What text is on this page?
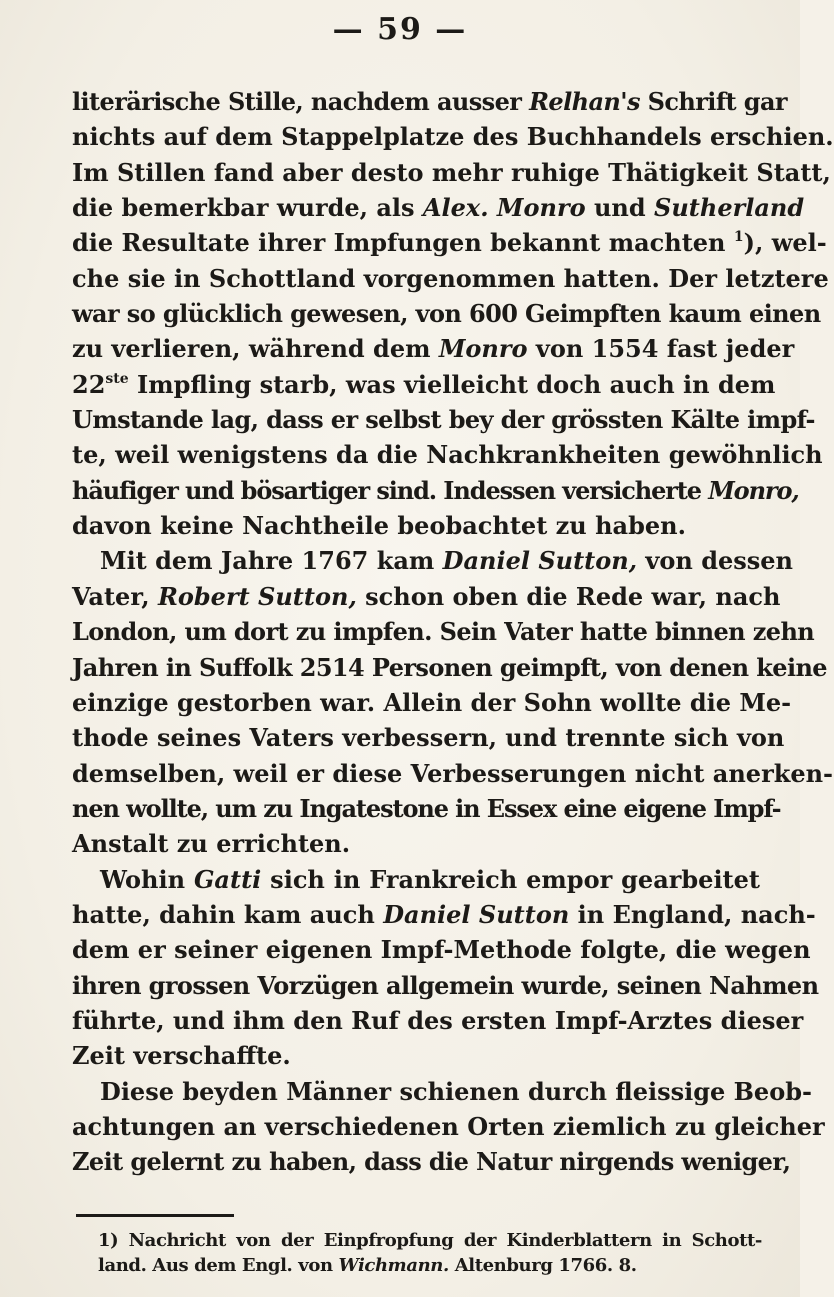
— 59 —
literärische Stille, nachdem ausser Relhan's Schrift gar
nichts auf dem Stappelplatze des Buchhandels erschien.
Im Stillen fand aber desto mehr ruhige Thätigkeit Statt,
die bemerkbar wurde, als Alex. Monro und Sutherland
die Resultate ihrer Impfungen bekannt machten $^1$), wel-
che sie in Schottland vorgenommen hatten. Der letztere
war so glücklich gewesen, von 600 Geimpften kaum einen
zu verlieren, während dem Monro von 1554 fast jeder
22ste Impfling starb, was vielleicht doch auch in dem
Umstande lag, dass er selbst bey der grössten Kälte impf-
te, weil wenigstens da die Nachkrankheiten gewöhnlich
häufiger und bösartiger sind. Indessen versicherte Monro,
davon keine Nachtheile beobachtet zu haben.
Mit dem Jahre 1767 kam Daniel Sutton, von dessen
Vater, Robert Sutton, schon oben die Rede war, nach
London, um dort zu impfen. Sein Vater hatte binnen zehn
Jahren in Suffolk 2514 Personen geimpft, von denen keine
einzige gestorben war. Allein der Sohn wollte die Me-
thode seines Vaters verbessern, und trennte sich von
demselben, weil er diese Verbesserungen nicht anerken-
nen wollte, um zu Ingatestone in Essex eine eigene Impf-
Anstalt zu errichten.
Wohin Gatti sich in Frankreich empor gearbeitet
hatte, dahin kam auch Daniel Sutton in England, nach-
dem er seiner eigenen Impf-Methode folgte, die wegen
ihren grossen Vorzügen allgemein wurde, seinen Nahmen
führte, und ihm den Ruf des ersten Impf-Arztes dieser
Zeit verschaffte.
Diese beyden Männer schienen durch fleissige Beob-
achtungen an verschiedenen Orten ziemlich zu gleicher
Zeit gelernt zu haben, dass die Natur nirgends weniger,
1) Nachricht von der Einpfropfung der Kinderblattern in Schott-
land. Aus dem Engl. von Wichmann. Altenburg 1766. 8.
